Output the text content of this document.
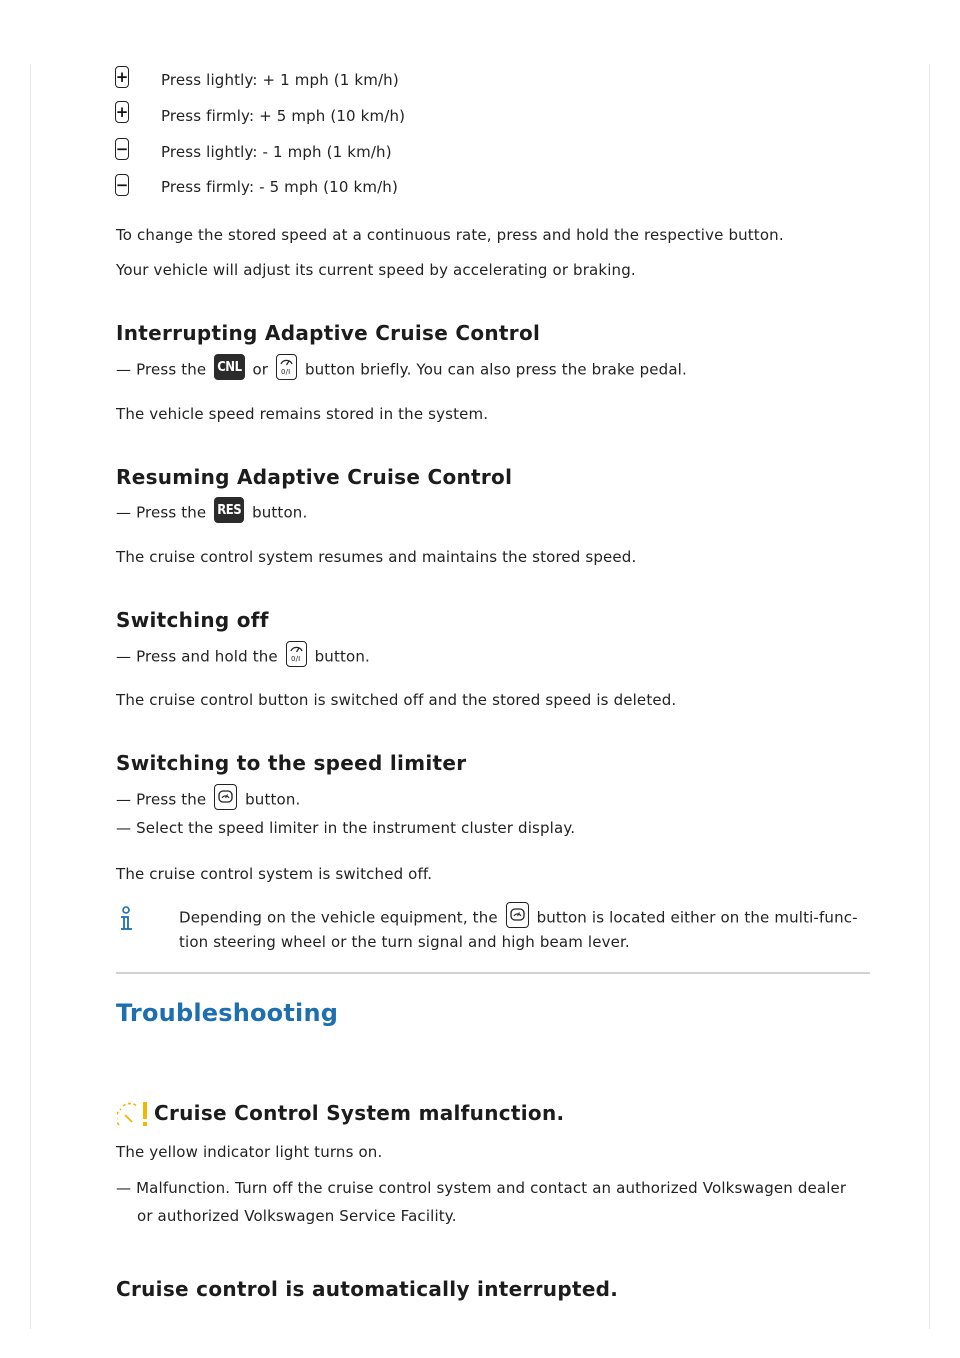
+ Press lightly: + 1 mph (1 km/h)
+ Press firmly: + 5 mph (10 km/h)
− Press lightly: - 1 mph (1 km/h)
− Press firmly: - 5 mph (10 km/h)
To change the stored speed at a continuous rate, press and hold the respective button.
Your vehicle will adjust its current speed by accelerating or braking.
Interrupting Adaptive Cruise Control
— Press the CNL or 0/I button briefly. You can also press the brake pedal.
The vehicle speed remains stored in the system.
Resuming Adaptive Cruise Control
— Press the RES button.
The cruise control system resumes and maintains the stored speed.
Switching off
— Press and hold the 0/I button.
The cruise control button is switched off and the stored speed is deleted.
Switching to the speed limiter
— Press the	button.
— Select the speed limiter in the instrument cluster display.
The cruise control system is switched off.
Depending on the vehicle equipment, the	button is located either on the multi-func-
tion steering wheel or the turn signal and high beam lever.
Troubleshooting
Cruise Control System malfunction.
The yellow indicator light turns on.
— Malfunction. Turn off the cruise control system and contact an authorized Volkswagen dealer
or authorized Volkswagen Service Facility.
Cruise control is automatically interrupted.
